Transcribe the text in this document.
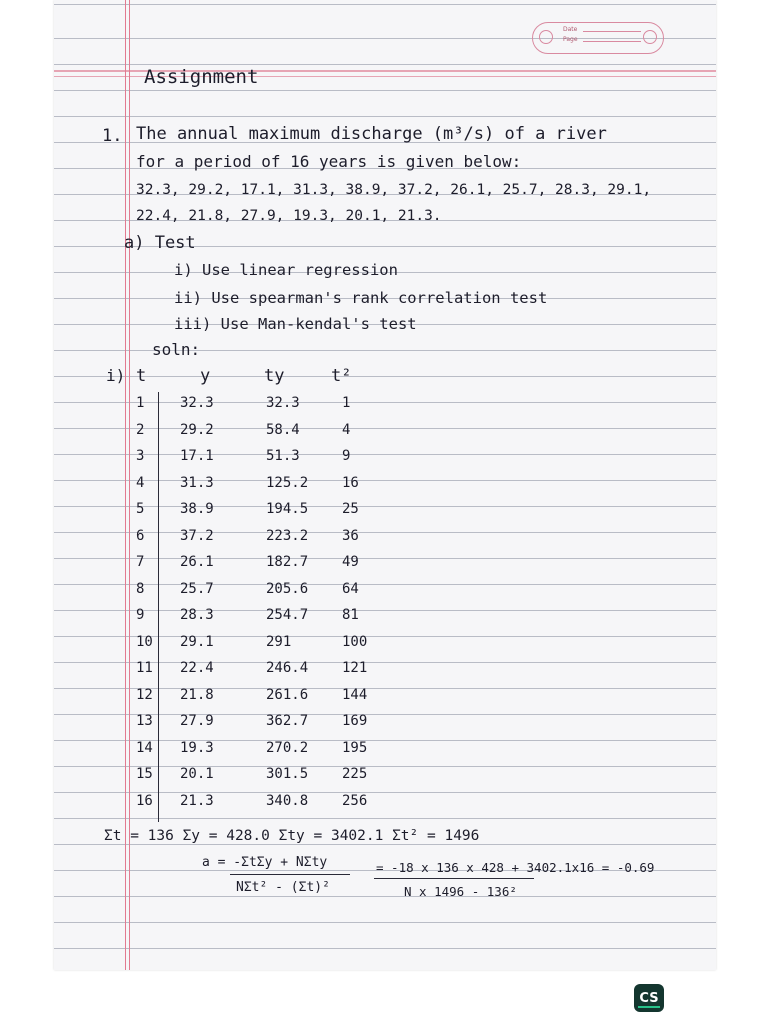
Date
Page
Assignment
1. The annual maximum discharge (m³/s) of a river
for a period of 16 years is given below:
32.3, 29.2, 17.1, 31.3, 38.9, 37.2, 26.1, 25.7, 28.3, 29.1,
22.4, 21.8, 27.9, 19.3, 20.1, 21.3.
a) Test
i) Use linear regression
ii) Use spearman's rank correlation test
iii) Use Man-kendal's test
soln:
i) t	y	ty	t²
1	32.3	32.3	1
2	29.2	58.4	4
3	17.1	51.3	9
4	31.3	125.2 16
5	38.9	194.5 25
6	37.2	223.2 36
7	26.1	182.7 49
8	25.7	205.6 64
9	28.3	254.7 81
10 29.1	291	100
11 22.4	246.4 121
12 21.8	261.6 144
13 27.9	362.7 169
14 19.3	270.2 195
15 20.1	301.5 225
16 21.3	340.8 256
Σt = 136 Σy = 428.0 Σty = 3402.1 Σt² = 1496
a = -ΣtΣy + NΣty
NΣt² - (Σt)²
= -18 x 136 x 428 + 3402.1x16 = -0.69
N x 1496 - 136²
CS
